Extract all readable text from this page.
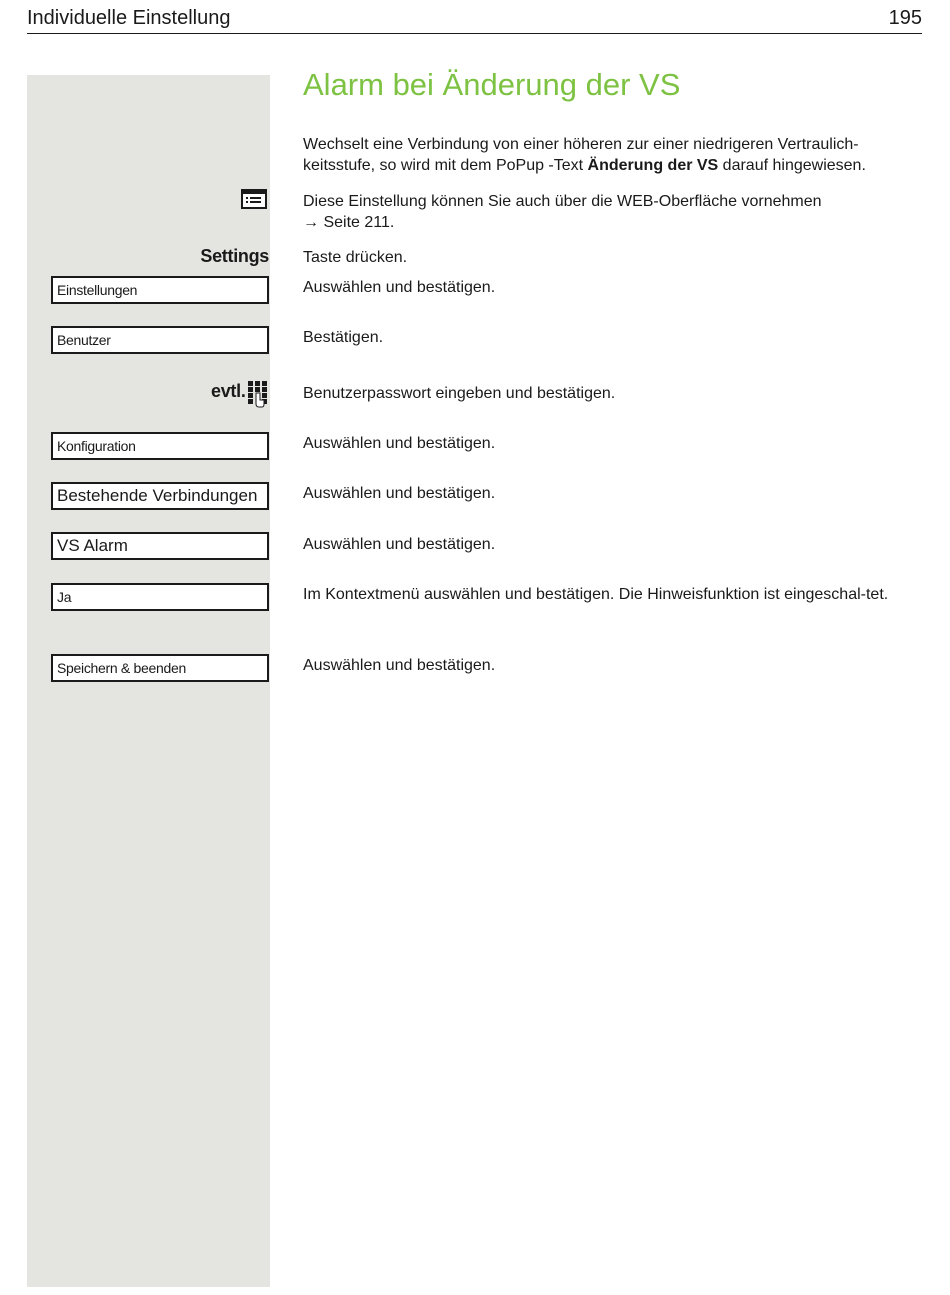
Individuelle Einstellung	195
Alarm bei Änderung der VS
Wechselt eine Verbindung von einer höheren zur einer niedrigeren Vertraulich-keitsstufe, so wird mit dem PoPup -Text Änderung der VS darauf hingewiesen.
Diese Einstellung können Sie auch über die WEB-Oberfläche vornehmen
→ Seite 211.
Settings Taste drücken.
Einstellungen	Auswählen und bestätigen.
Benutzer	Bestätigen.
evtl.	Benutzerpasswort eingeben und bestätigen.
Konfiguration	Auswählen und bestätigen.
Bestehende Verbindungen	Auswählen und bestätigen.
VS Alarm	Auswählen und bestätigen.
Ja	Im Kontextmenü auswählen und bestätigen. Die Hinweisfunktion ist eingeschal-tet.
Speichern & beenden	Auswählen und bestätigen.
